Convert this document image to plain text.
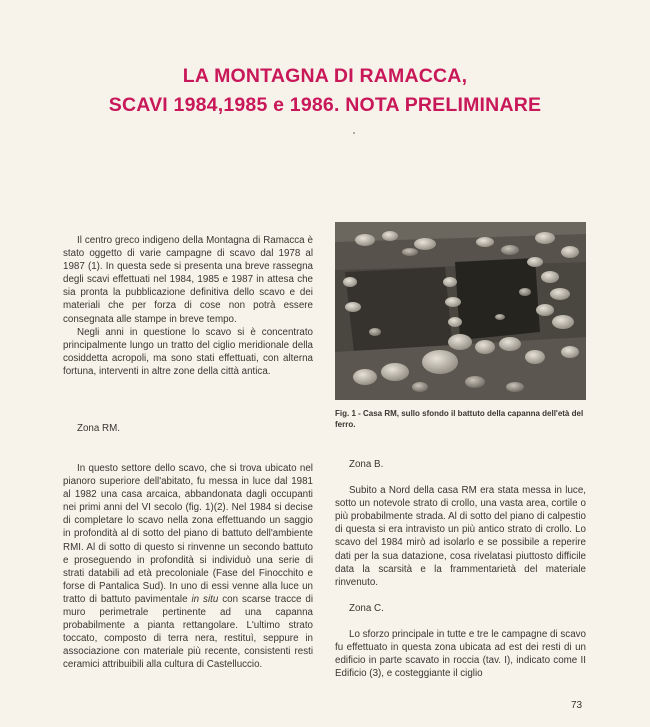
LA MONTAGNA DI RAMACCA,
SCAVI 1984,1985 e 1986. NOTA PRELIMINARE

Il centro greco indigeno della Montagna di Ramacca è stato oggetto di varie campagne di scavo dal 1978 al 1987 (1). In questa sede si presenta una breve rassegna degli scavi effettuati nel 1984, 1985 e 1987 in attesa che sia pronta la pubblicazione definitiva dello scavo e dei materiali che per forza di cose non potrà essere consegnata alle stampe in breve tempo.

Negli anni in questione lo scavo si è concentrato principalmente lungo un tratto del ciglio meridionale della cosiddetta acropoli, ma sono stati effettuati, con alterna fortuna, interventi in altre zone della città antica.

Zona RM.

In questo settore dello scavo, che si trova ubicato nel pianoro superiore dell'abitato, fu messa in luce dal 1981 al 1982 una casa arcaica, abbandonata dagli occupanti nei primi anni del VI secolo (fig. 1)(2). Nel 1984 si decise di completare lo scavo nella zona effettuando un saggio in profondità al di sotto del piano di battuto dell'ambiente RMI. Al di sotto di questo si rinvenne un secondo battuto e proseguendo in profondità si individuò una serie di strati databili ad età precoloniale (Fase del Finocchito e forse di Pantalica Sud). In uno di essi venne alla luce un tratto di battuto pavimentale in situ con scarse tracce di muro perimetrale pertinente ad una capanna probabilmente a pianta rettangolare. L'ultimo strato toccato, composto di terra nera, restituì, seppure in associazione con materiale più recente, consistenti resti ceramici attribuibili alla cultura di Castelluccio.

Fig. 1 - Casa RM, sullo sfondo il battuto della capanna dell'età del ferro.

Zona B.

Subito a Nord della casa RM era stata messa in luce, sotto un notevole strato di crollo, una vasta area, cortile o più probabilmente strada. Al di sotto del piano di calpestio di questa si era intravisto un più antico strato di crollo. Lo scavo del 1984 mirò ad isolarlo e se possibile a reperire dati per la sua datazione, cosa rivelatasi piuttosto difficile data la scarsità e la frammentarietà del materiale rinvenuto.

Zona C.

Lo sforzo principale in tutte e tre le campagne di scavo fu effettuato in questa zona ubicata ad est dei resti di un edificio in parte scavato in roccia (tav. I), indicato come II Edificio (3), e costeggiante il ciglio

73
